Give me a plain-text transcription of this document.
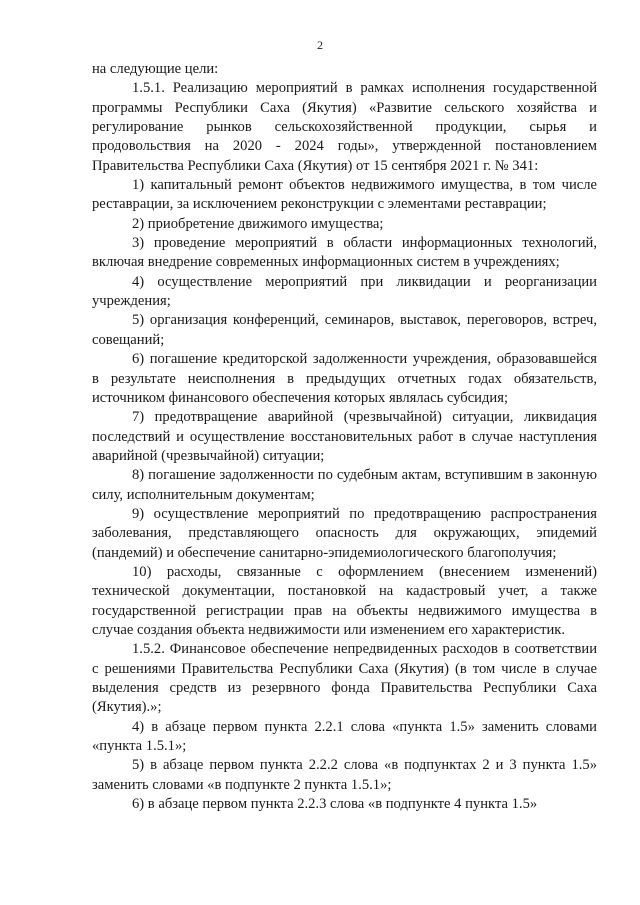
2

на следующие цели:

1.5.1. Реализацию мероприятий в рамках исполнения государственной программы Республики Саха (Якутия) «Развитие сельского хозяйства и регулирование рынков сельскохозяйственной продукции, сырья и продовольствия на 2020 - 2024 годы», утвержденной постановлением Правительства Республики Саха (Якутия) от 15 сентября 2021 г. № 341:

1) капитальный ремонт объектов недвижимого имущества, в том числе реставрации, за исключением реконструкции с элементами реставрации;

2) приобретение движимого имущества;

3) проведение мероприятий в области информационных технологий, включая внедрение современных информационных систем в учреждениях;

4) осуществление мероприятий при ликвидации и реорганизации учреждения;

5) организация конференций, семинаров, выставок, переговоров, встреч, совещаний;

6) погашение кредиторской задолженности учреждения, образовавшейся в результате неисполнения в предыдущих отчетных годах обязательств, источником финансового обеспечения которых являлась субсидия;

7) предотвращение аварийной (чрезвычайной) ситуации, ликвидация последствий и осуществление восстановительных работ в случае наступления аварийной (чрезвычайной) ситуации;

8) погашение задолженности по судебным актам, вступившим в законную силу, исполнительным документам;

9) осуществление мероприятий по предотвращению распространения заболевания, представляющего опасность для окружающих, эпидемий (пандемий) и обеспечение санитарно-эпидемиологического благополучия;

10) расходы, связанные с оформлением (внесением изменений) технической документации, постановкой на кадастровый учет, а также государственной регистрации прав на объекты недвижимого имущества в случае создания объекта недвижимости или изменением его характеристик.

1.5.2. Финансовое обеспечение непредвиденных расходов в соответствии с решениями Правительства Республики Саха (Якутия) (в том числе в случае выделения средств из резервного фонда Правительства Республики Саха (Якутия).»;

4) в абзаце первом пункта 2.2.1 слова «пункта 1.5» заменить словами «пункта 1.5.1»;

5) в абзаце первом пункта 2.2.2 слова «в подпунктах 2 и 3 пункта 1.5» заменить словами «в подпункте 2 пункта 1.5.1»;

6) в абзаце первом пункта 2.2.3 слова «в подпункте 4 пункта 1.5»
